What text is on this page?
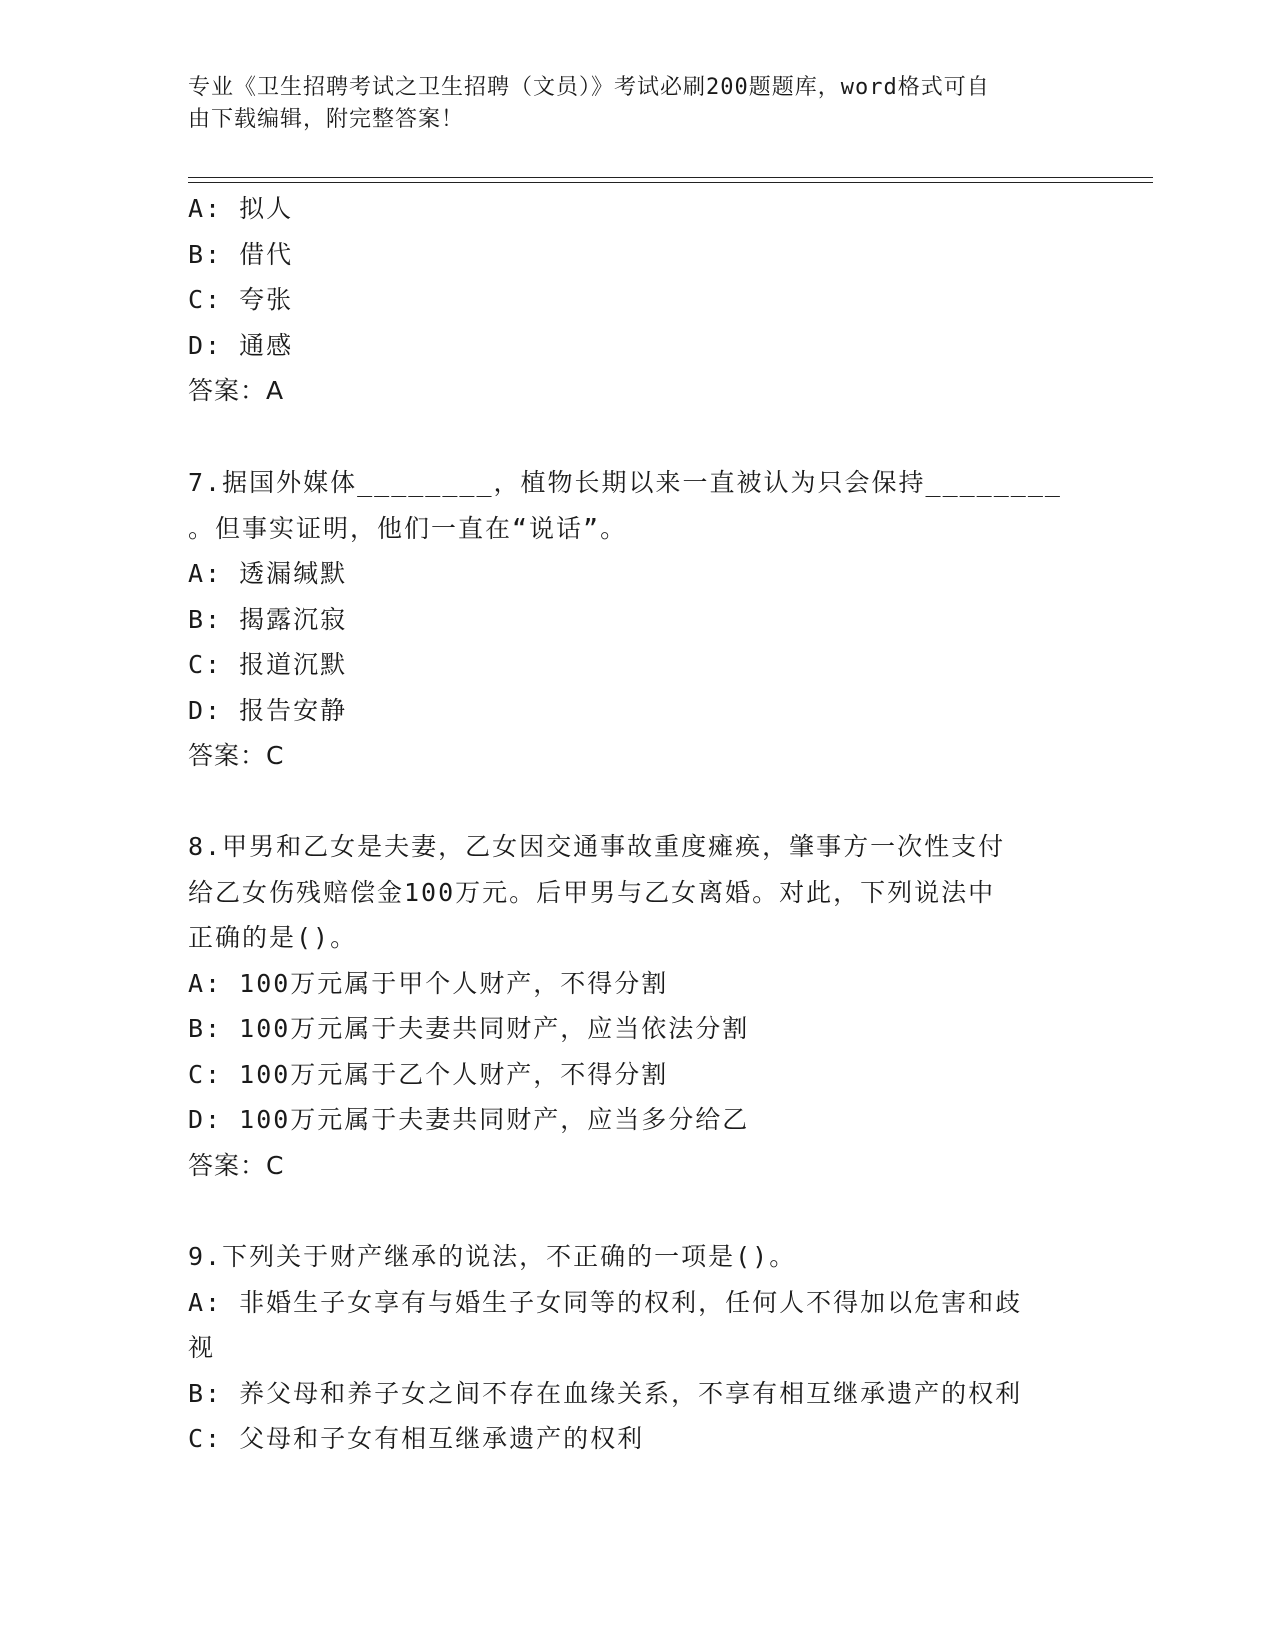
专业《卫生招聘考试之卫生招聘（文员）》考试必刷200题题库，word格式可自
由下载编辑，附完整答案！
A: 拟人
B: 借代
C: 夸张
D: 通感
答案：A
7.据国外媒体________，植物长期以来一直被认为只会保持________
。但事实证明，他们一直在“说话”。
A: 透漏缄默
B: 揭露沉寂
C: 报道沉默
D: 报告安静
答案：C
8.甲男和乙女是夫妻，乙女因交通事故重度瘫痪，肇事方一次性支付
给乙女伤残赔偿金100万元。后甲男与乙女离婚。对此，下列说法中
正确的是()。
A: 100万元属于甲个人财产，不得分割
B: 100万元属于夫妻共同财产，应当依法分割
C: 100万元属于乙个人财产，不得分割
D: 100万元属于夫妻共同财产，应当多分给乙
答案：C
9.下列关于财产继承的说法，不正确的一项是()。
A: 非婚生子女享有与婚生子女同等的权利，任何人不得加以危害和歧
视
B: 养父母和养子女之间不存在血缘关系，不享有相互继承遗产的权利
C: 父母和子女有相互继承遗产的权利
